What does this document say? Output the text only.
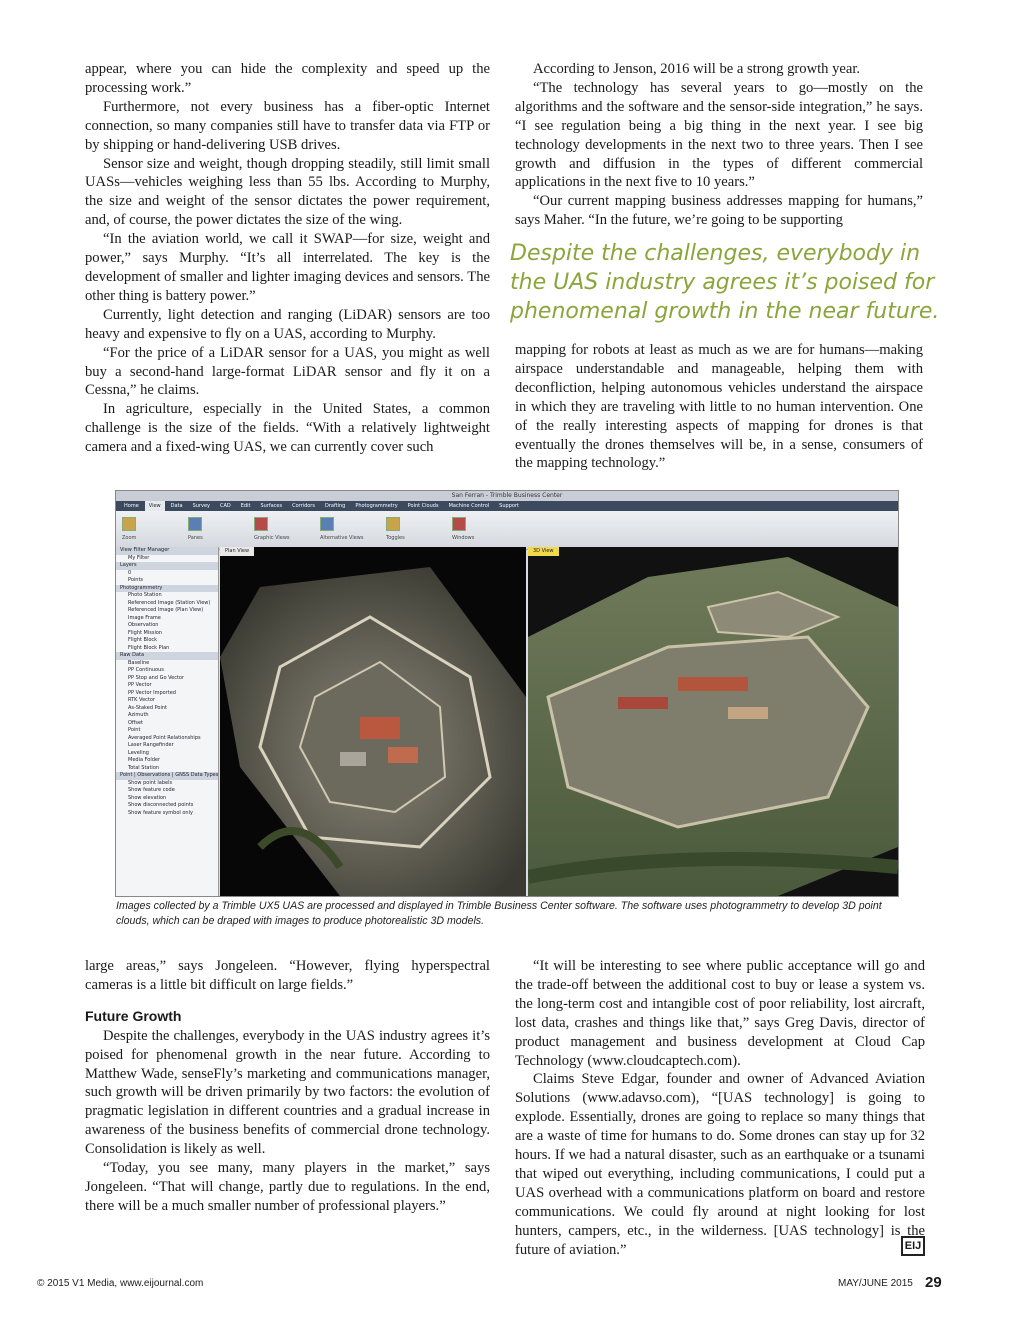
appear, where you can hide the complexity and speed up the processing work.”

Furthermore, not every business has a fiber-optic Internet connection, so many companies still have to transfer data via FTP or by shipping or hand-delivering USB drives.

Sensor size and weight, though dropping steadily, still limit small UASs—vehicles weighing less than 55 lbs. According to Murphy, the size and weight of the sensor dictates the power requirement, and, of course, the power dictates the size of the wing.

“In the aviation world, we call it SWAP—for size, weight and power,” says Murphy. “It’s all interrelated. The key is the development of smaller and lighter imaging devices and sensors. The other thing is battery power.”

Currently, light detection and ranging (LiDAR) sensors are too heavy and expensive to fly on a UAS, according to Murphy.

“For the price of a LiDAR sensor for a UAS, you might as well buy a second-hand large-format LiDAR sensor and fly it on a Cessna,” he claims.

In agriculture, especially in the United States, a common challenge is the size of the fields. “With a relatively lightweight camera and a fixed-wing UAS, we can currently cover such

According to Jenson, 2016 will be a strong growth year.

“The technology has several years to go—mostly on the algorithms and the software and the sensor-side integration,” he says. “I see regulation being a big thing in the next year. I see big technology developments in the next two to three years. Then I see growth and diffusion in the types of different commercial applications in the next five to 10 years.”

“Our current mapping business addresses mapping for humans,” says Maher. “In the future, we’re going to be supporting

Despite the challenges, everybody in the UAS industry agrees it’s poised for phenomenal growth in the near future.

mapping for robots at least as much as we are for humans—making airspace understandable and manageable, helping them with deconfliction, helping autonomous vehicles understand the airspace in which they are traveling with little to no human intervention. One of the really interesting aspects of mapping for drones is that eventually the drones themselves will be, in a sense, consumers of the mapping technology.”

San Ferran - Trimble Business Center
Home	View	Data	Survey	CAD	Edit	Surfaces	Corridors	Drafting	Photogrammetry	Point Clouds	Machine Control	Support
Zoom	Panes	Graphic Views	Alternative Views	Toggles	Windows
View Filter Manager
My Filter
Layers
0
Points
Photogrammetry
Photo Station
Referenced Image (Station View)
Referenced Image (Plan View)
Image Frame
Observation
Flight Mission
Flight Block
Flight Block Plan
Raw Data
Baseline
PP Continuous
PP Stop and Go Vector
PP Vector
PP Vector Imported
RTK Vector
As-Staked Point
Azimuth
Offset
Point
Averaged Point Relationships
Laser Rangefinder
Leveling
Media Folder
Total Station
Point | Observations | GNSS Data Types
Show point labels
Show feature code
Show elevation
Show disconnected points
Show feature symbol only
Plan View	3D View
Images collected by a Trimble UX5 UAS are processed and displayed in Trimble Business Center software. The software uses photogrammetry to develop 3D point clouds, which can be draped with images to produce photorealistic 3D models.

large areas,” says Jongeleen. “However, flying hyperspectral cameras is a little bit difficult on large fields.”

Future Growth

Despite the challenges, everybody in the UAS industry agrees it’s poised for phenomenal growth in the near future. According to Matthew Wade, senseFly’s marketing and communications manager, such growth will be driven primarily by two factors: the evolution of pragmatic legislation in different countries and a gradual increase in awareness of the business benefits of commercial drone technology. Consolidation is likely as well.

“Today, you see many, many players in the market,” says Jongeleen. “That will change, partly due to regulations. In the end, there will be a much smaller number of professional players.”

“It will be interesting to see where public acceptance will go and the trade-off between the additional cost to buy or lease a system vs. the long-term cost and intangible cost of poor reliability, lost aircraft, lost data, crashes and things like that,” says Greg Davis, director of product management and business development at Cloud Cap Technology (www.cloudcaptech.com).

Claims Steve Edgar, founder and owner of Advanced Aviation Solutions (www.adavso.com), “[UAS technology] is going to explode. Essentially, drones are going to replace so many things that are a waste of time for humans to do. Some drones can stay up for 32 hours. If we had a natural disaster, such as an earthquake or a tsunami that wiped out everything, including communications, I could put a UAS overhead with a communications platform on board and restore communications. We could fly around at night looking for lost hunters, campers, etc., in the wilderness. [UAS technology] is the future of aviation.”	EIJ
© 2015 V1 Media, www.eijournal.com	MAY/JUNE 2015 29
